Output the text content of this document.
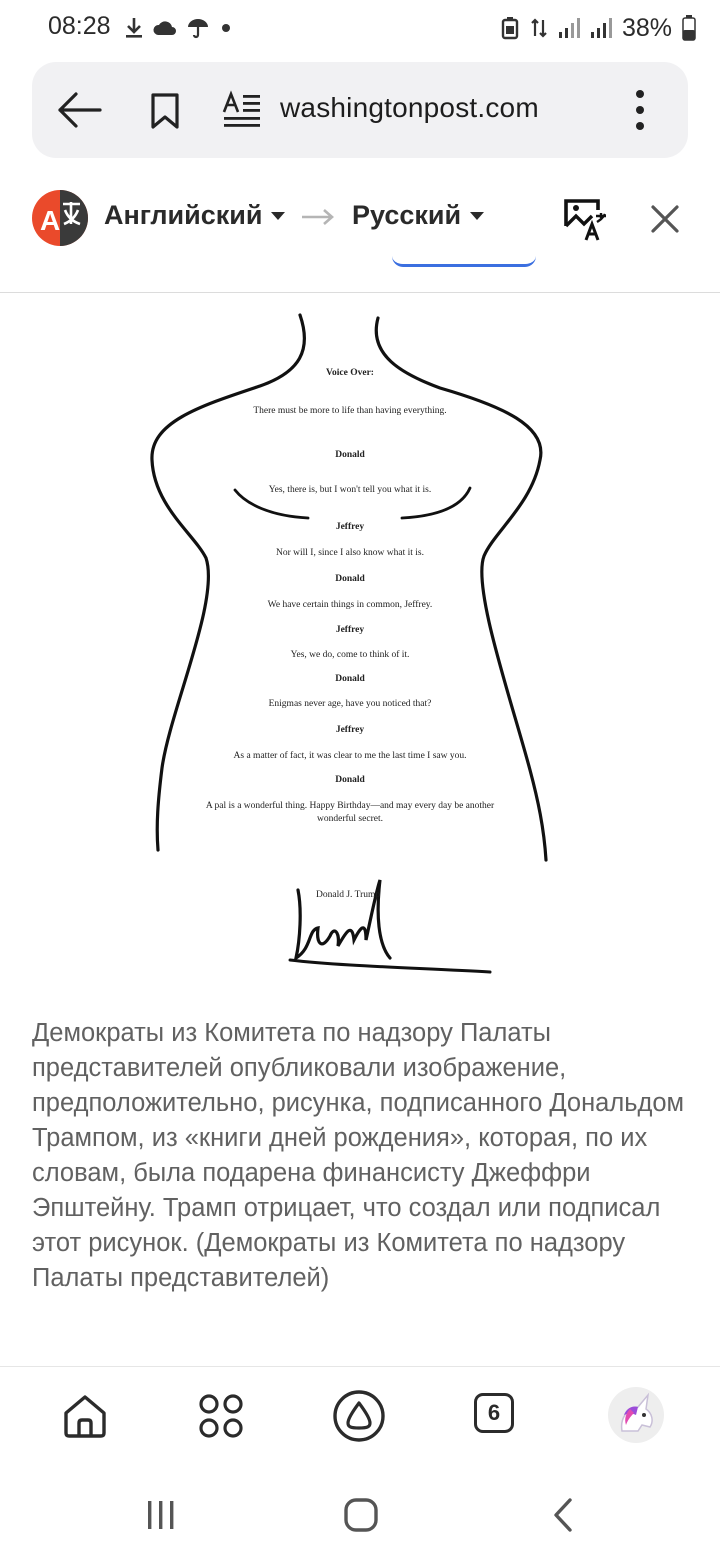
08:28	38%
washingtonpost.com
A Английский	Русский
Voice Over:
There must be more to life than having everything.
Donald
Yes, there is, but I won't tell you what it is.
Jeffrey
Nor will I, since I also know what it is.
Donald
We have certain things in common, Jeffrey.
Jeffrey
Yes, we do, come to think of it.
Donald
Enigmas never age, have you noticed that?
Jeffrey
As a matter of fact, it was clear to me the last time I saw you.
Donald
A pal is a wonderful thing. Happy Birthday—and may every day be another
wonderful secret.
Donald J. Trump
Демократы из Комитета по надзору Палаты представителей опубликовали изображение, предположительно, рисунка, подписанного Дональдом Трампом, из «книги дней рождения», которая, по их словам, была подарена финансисту Джеффри Эпштейну. Трамп отрицает, что создал или подписал этот рисунок. (Демократы из Комитета по надзору Палаты представителей)
6
